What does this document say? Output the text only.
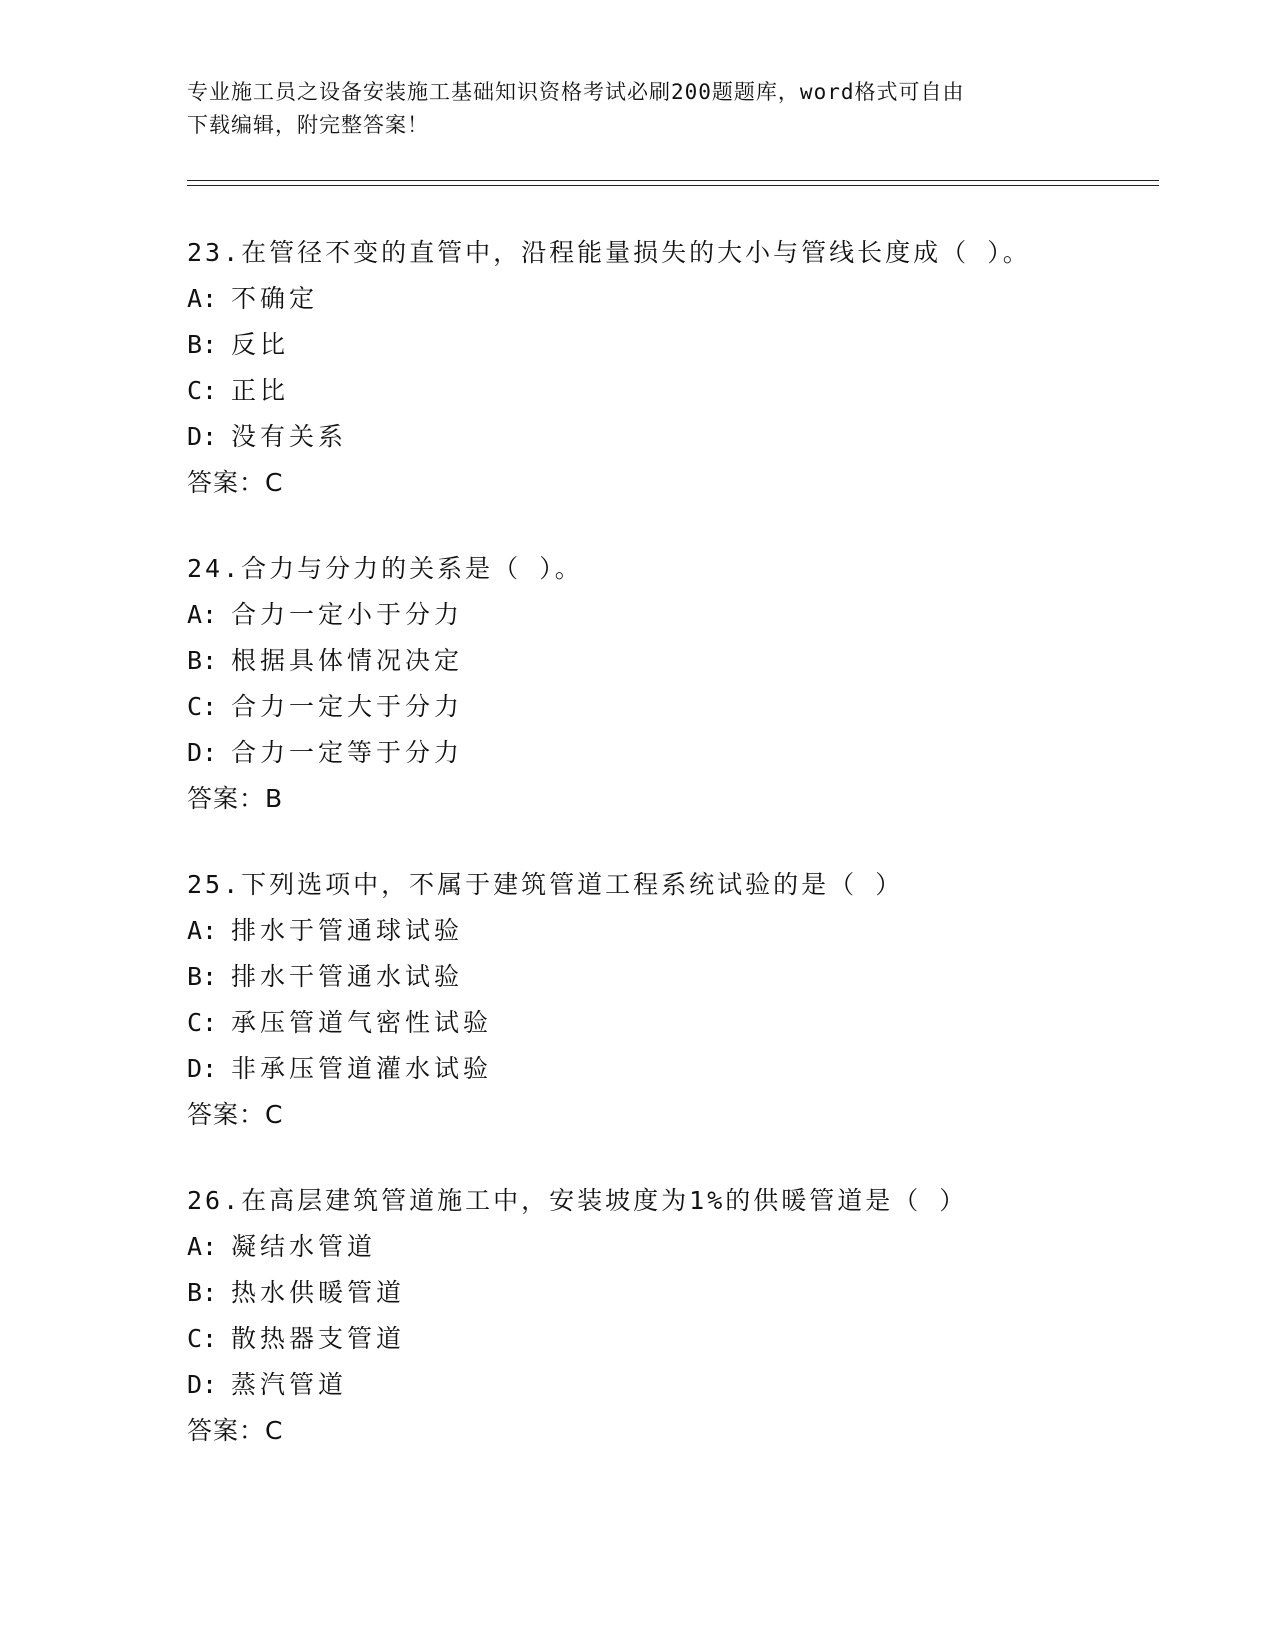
专业施工员之设备安装施工基础知识资格考试必刷200题题库，word格式可自由
下载编辑，附完整答案！
23.在管径不变的直管中，沿程能量损失的大小与管线长度成（ ）。
A: 不确定
B: 反比
C: 正比
D: 没有关系
答案：C
24.合力与分力的关系是（ ）。
A: 合力一定小于分力
B: 根据具体情况决定
C: 合力一定大于分力
D: 合力一定等于分力
答案：B
25.下列选项中，不属于建筑管道工程系统试验的是（ ）
A: 排水于管通球试验
B: 排水干管通水试验
C: 承压管道气密性试验
D: 非承压管道灌水试验
答案：C
26.在高层建筑管道施工中，安装坡度为1%的供暖管道是（ ）
A: 凝结水管道
B: 热水供暖管道
C: 散热器支管道
D: 蒸汽管道
答案：C
